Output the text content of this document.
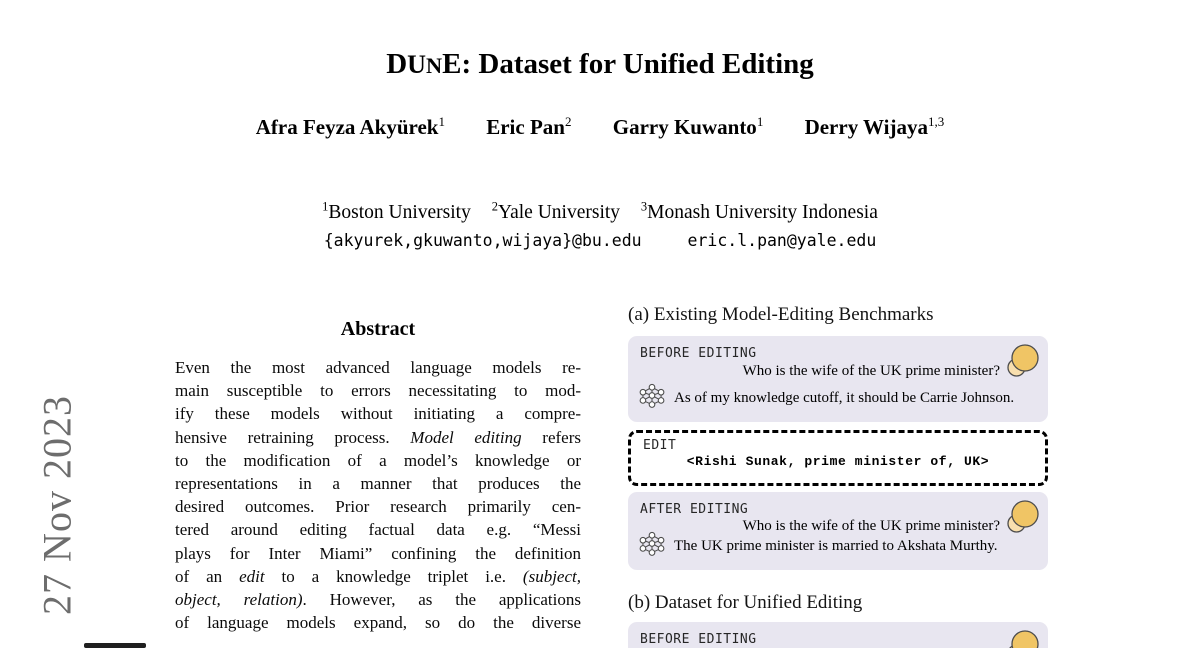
27 Nov 2023
DUNE: Dataset for Unified Editing
Afra Feyza Akyürek$^1$ Eric Pan$^2$ Garry Kuwanto$^1$ Derry Wijaya$^{1,3}$
$^1$Boston University $^2$Yale University $^3$Monash University Indonesia
{akyurek,gkuwanto,wijaya}@bu.edu	eric.l.pan@yale.edu
Abstract
Even the most advanced language models re-
main susceptible to errors necessitating to mod-
ify these models without initiating a compre-
hensive retraining process. Model editing refers
to the modification of a model’s knowledge or
representations in a manner that produces the
desired outcomes. Prior research primarily cen-
tered around editing factual data e.g. “Messi
plays for Inter Miami” confining the definition
of an edit to a knowledge triplet i.e. (subject,
object, relation). However, as the applications
of language models expand, so do the diverse
(a) Existing Model-Editing Benchmarks
BEFORE EDITING
Who is the wife of the UK prime minister?
As of my knowledge cutoff, it should be Carrie Johnson.
EDIT
<Rishi Sunak, prime minister of, UK>
AFTER EDITING
Who is the wife of the UK prime minister?
The UK prime minister is married to Akshata Murthy.
(b) Dataset for Unified Editing
BEFORE EDITING
